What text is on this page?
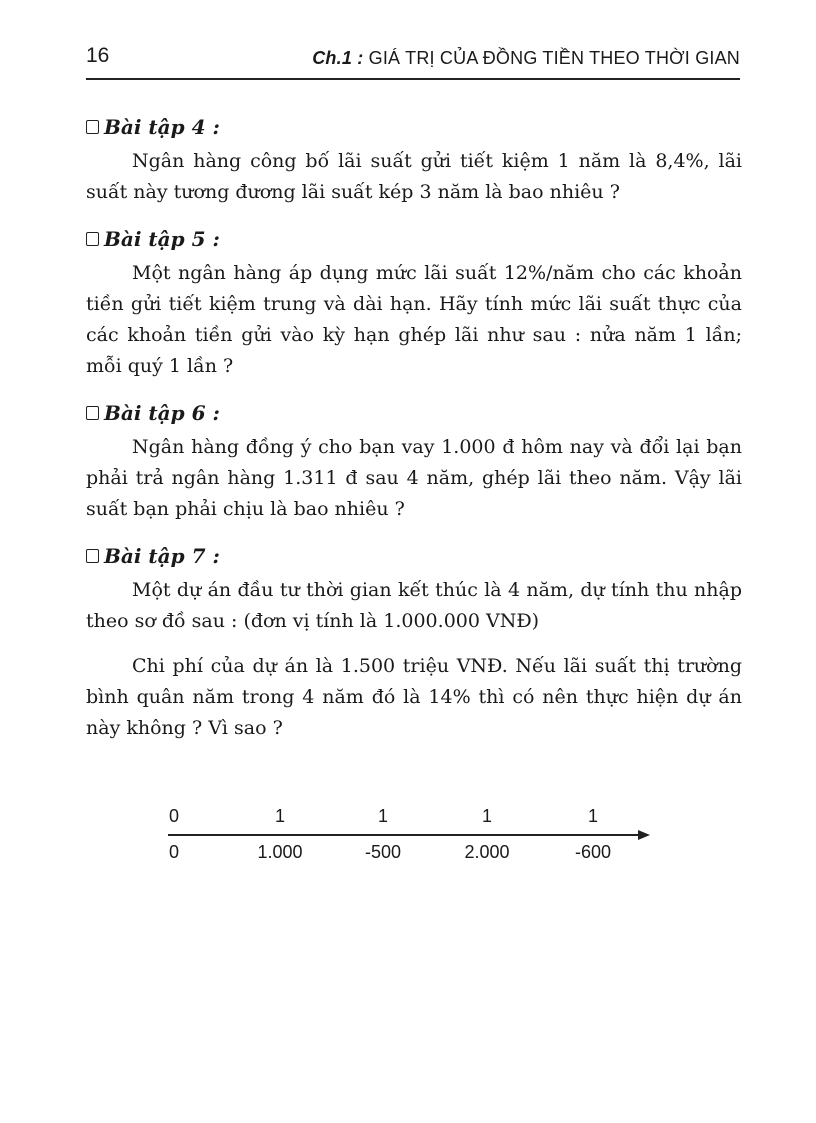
16	Ch.1 : GIÁ TRỊ CỦA ĐỒNG TIỀN THEO THỜI GIAN
Bài tập 4 :

Ngân hàng công bố lãi suất gửi tiết kiệm 1 năm là 8,4%, lãi suất này tương đương lãi suất kép 3 năm là bao nhiêu ?

Bài tập 5 :

Một ngân hàng áp dụng mức lãi suất 12%/năm cho các khoản tiền gửi tiết kiệm trung và dài hạn. Hãy tính mức lãi suất thực của các khoản tiền gửi vào kỳ hạn ghép lãi như sau : nửa năm 1 lần; mỗi quý 1 lần ?

Bài tập 6 :

Ngân hàng đồng ý cho bạn vay 1.000 đ hôm nay và đổi lại bạn phải trả ngân hàng 1.311 đ sau 4 năm, ghép lãi theo năm. Vậy lãi suất bạn phải chịu là bao nhiêu ?

Bài tập 7 :

Một dự án đầu tư thời gian kết thúc là 4 năm, dự tính thu nhập theo sơ đồ sau : (đơn vị tính là 1.000.000 VNĐ)

Chi phí của dự án là 1.500 triệu VNĐ. Nếu lãi suất thị trường bình quân năm trong 4 năm đó là 14% thì có nên thực hiện dự án này không ? Vì sao ?

0	1	1	1	1
0	1.000	-500	2.000	-600
